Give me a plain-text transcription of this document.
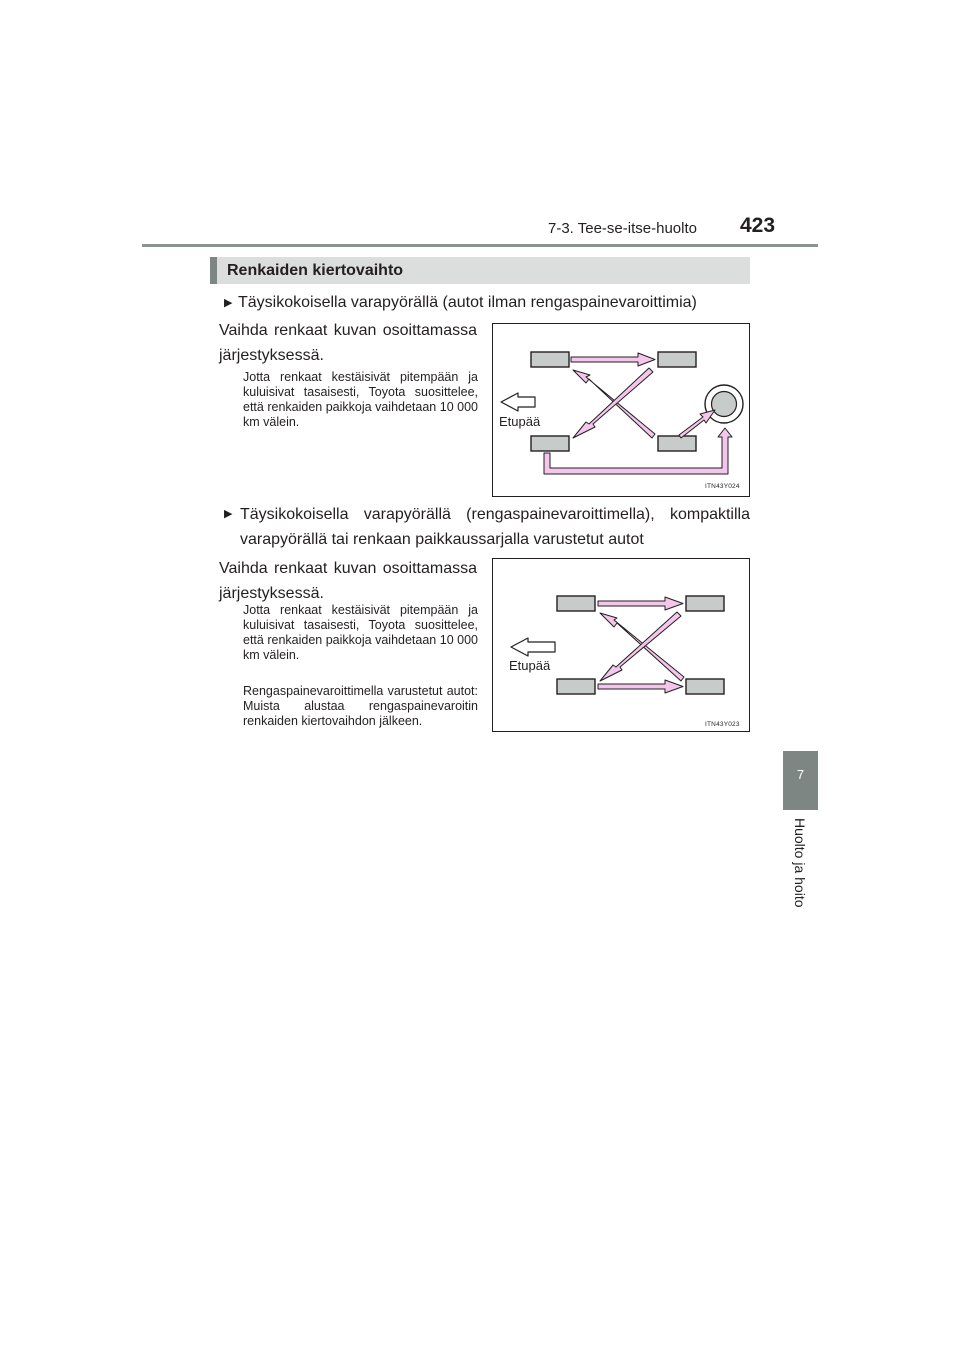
7-3. Tee-se-itse-huolto 423
7
Huolto ja hoito
Renkaiden kiertovaihto
▶ Täysikokoisella varapyörällä (autot ilman rengaspainevaroittimia)
Vaihda renkaat kuvan osoittamassa järjestyksessä.
Jotta renkaat kestäisivät pitempään ja kuluisivat tasaisesti, Toyota suosittelee, että renkaiden paikkoja vaihdetaan 10 000 km välein.	Etupää
ITN43Y024
▶ Täysikokoisella varapyörällä (rengaspainevaroittimella), kompaktilla varapyörällä tai renkaan paikkaussarjalla varustetut autot
Vaihda renkaat kuvan osoittamassa järjestyksessä.
Jotta renkaat kestäisivät pitempään ja kuluisivat tasaisesti, Toyota suosittelee, että renkaiden paikkoja vaihdetaan 10 000 km välein.
Rengaspainevaroittimella varustetut autot: Muista alustaa rengaspainevaroitin renkaiden kiertovaihdon jälkeen.
Etupää
ITN43Y023
